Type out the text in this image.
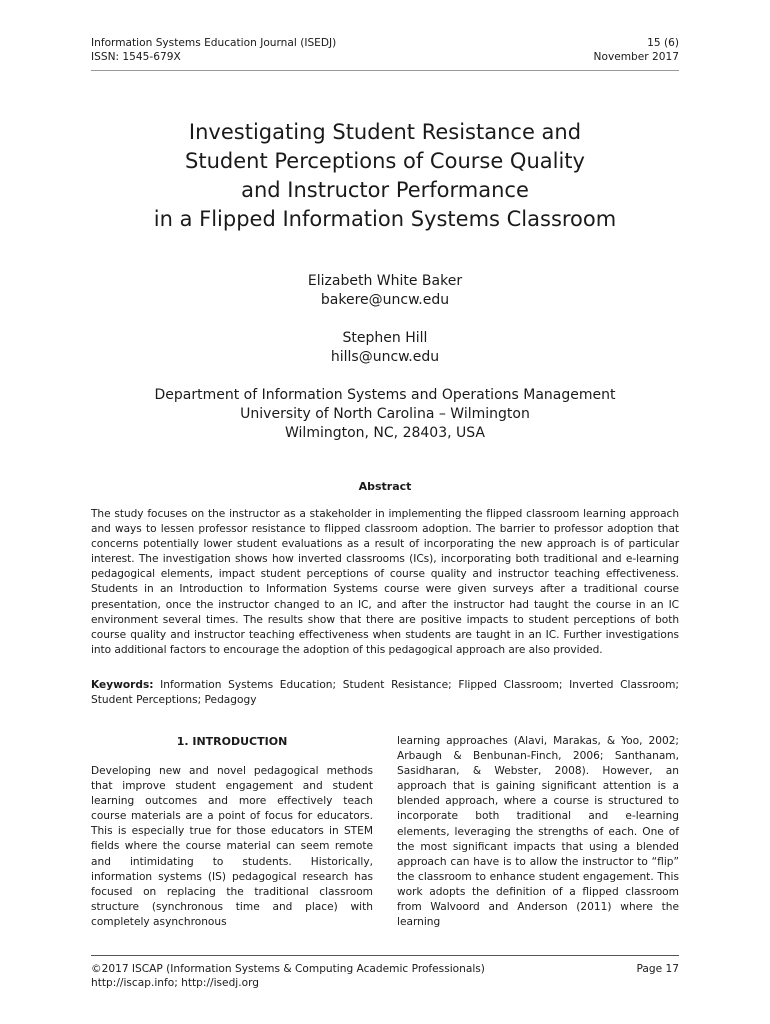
Information Systems Education Journal (ISEDJ)
ISSN: 1545-679X
15 (6)
November 2017
Investigating Student Resistance and
Student Perceptions of Course Quality
and Instructor Performance
in a Flipped Information Systems Classroom
Elizabeth White Baker
bakere@uncw.edu
Stephen Hill
hills@uncw.edu
Department of Information Systems and Operations Management
University of North Carolina – Wilmington
Wilmington, NC, 28403, USA
Abstract
The study focuses on the instructor as a stakeholder in implementing the flipped classroom learning approach and ways to lessen professor resistance to flipped classroom adoption. The barrier to professor adoption that concerns potentially lower student evaluations as a result of incorporating the new approach is of particular interest. The investigation shows how inverted classrooms (ICs), incorporating both traditional and e-learning pedagogical elements, impact student perceptions of course quality and instructor teaching effectiveness. Students in an Introduction to Information Systems course were given surveys after a traditional course presentation, once the instructor changed to an IC, and after the instructor had taught the course in an IC environment several times. The results show that there are positive impacts to student perceptions of both course quality and instructor teaching effectiveness when students are taught in an IC. Further investigations into additional factors to encourage the adoption of this pedagogical approach are also provided.
Keywords: Information Systems Education; Student Resistance; Flipped Classroom; Inverted Classroom; Student Perceptions; Pedagogy
1. INTRODUCTION

Developing new and novel pedagogical methods that improve student engagement and student learning outcomes and more effectively teach course materials are a point of focus for educators. This is especially true for those educators in STEM fields where the course material can seem remote and intimidating to students. Historically, information systems (IS) pedagogical research has focused on replacing the traditional classroom structure (synchronous time and place) with completely asynchronous

learning approaches (Alavi, Marakas, & Yoo, 2002; Arbaugh & Benbunan-Finch, 2006; Santhanam, Sasidharan, & Webster, 2008). However, an approach that is gaining significant attention is a blended approach, where a course is structured to incorporate both traditional and e-learning elements, leveraging the strengths of each. One of the most significant impacts that using a blended approach can have is to allow the instructor to “flip” the classroom to enhance student engagement. This work adopts the definition of a flipped classroom from Walvoord and Anderson (2011) where the learning

©2017 ISCAP (Information Systems & Computing Academic Professionals)
http://iscap.info; http://isedj.org
Page 17
